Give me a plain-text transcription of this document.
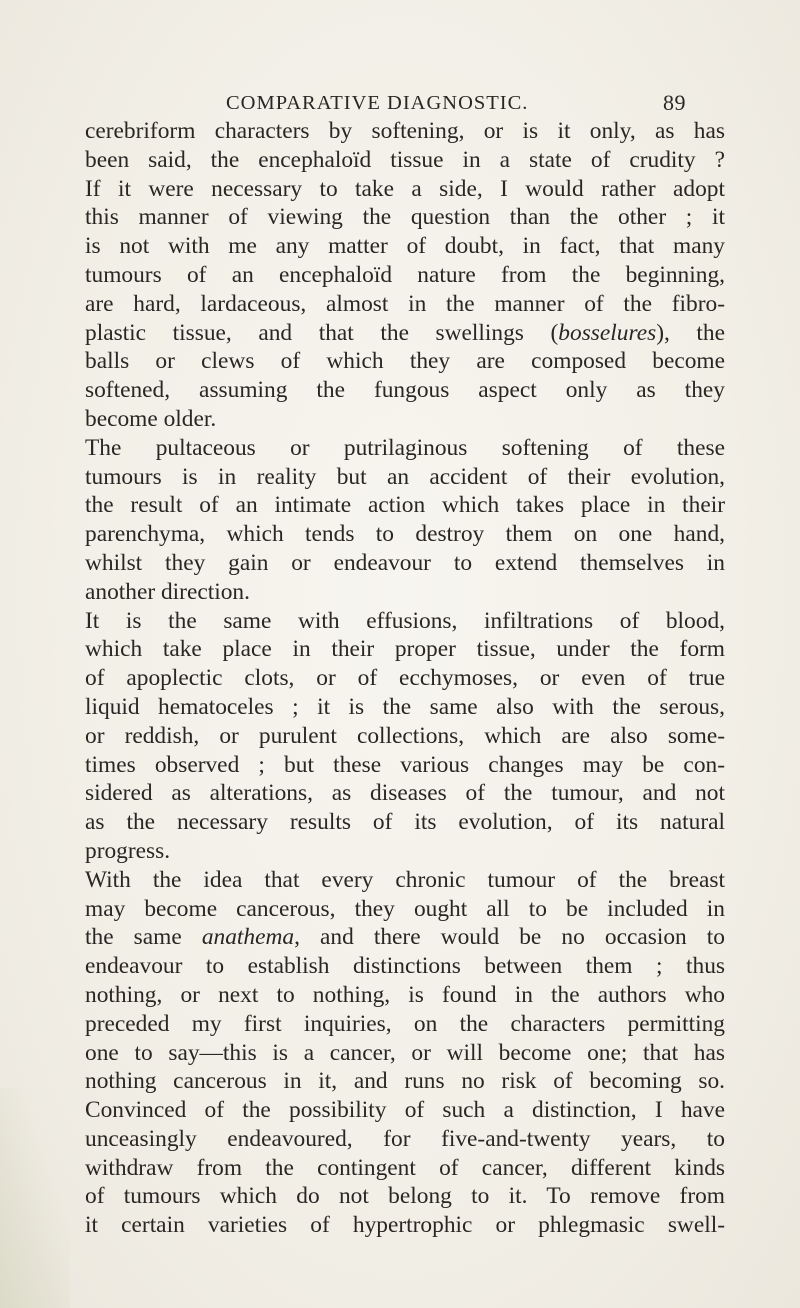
COMPARATIVE DIAGNOSTIC.	89
cerebriform characters by softening, or is it only, as has
been said, the encephaloïd tissue in a state of crudity ?
If it were necessary to take a side, I would rather adopt
this manner of viewing the question than the other ; it
is not with me any matter of doubt, in fact, that many
tumours of an encephaloïd nature from the beginning,
are hard, lardaceous, almost in the manner of the fibro-
plastic tissue, and that the swellings (bosselures), the
balls or clews of which they are composed become
softened, assuming the fungous aspect only as they
become older.
The pultaceous or putrilaginous softening of these
tumours is in reality but an accident of their evolution,
the result of an intimate action which takes place in their
parenchyma, which tends to destroy them on one hand,
whilst they gain or endeavour to extend themselves in
another direction.
It is the same with effusions, infiltrations of blood,
which take place in their proper tissue, under the form
of apoplectic clots, or of ecchymoses, or even of true
liquid hematoceles ; it is the same also with the serous,
or reddish, or purulent collections, which are also some-
times observed ; but these various changes may be con-
sidered as alterations, as diseases of the tumour, and not
as the necessary results of its evolution, of its natural
progress.
With the idea that every chronic tumour of the breast
may become cancerous, they ought all to be included in
the same anathema, and there would be no occasion to
endeavour to establish distinctions between them ; thus
nothing, or next to nothing, is found in the authors who
preceded my first inquiries, on the characters permitting
one to say—this is a cancer, or will become one; that has
nothing cancerous in it, and runs no risk of becoming so.
Convinced of the possibility of such a distinction, I have
unceasingly endeavoured, for five-and-twenty years, to
withdraw from the contingent of cancer, different kinds
of tumours which do not belong to it. To remove from
it certain varieties of hypertrophic or phlegmasic swell-
